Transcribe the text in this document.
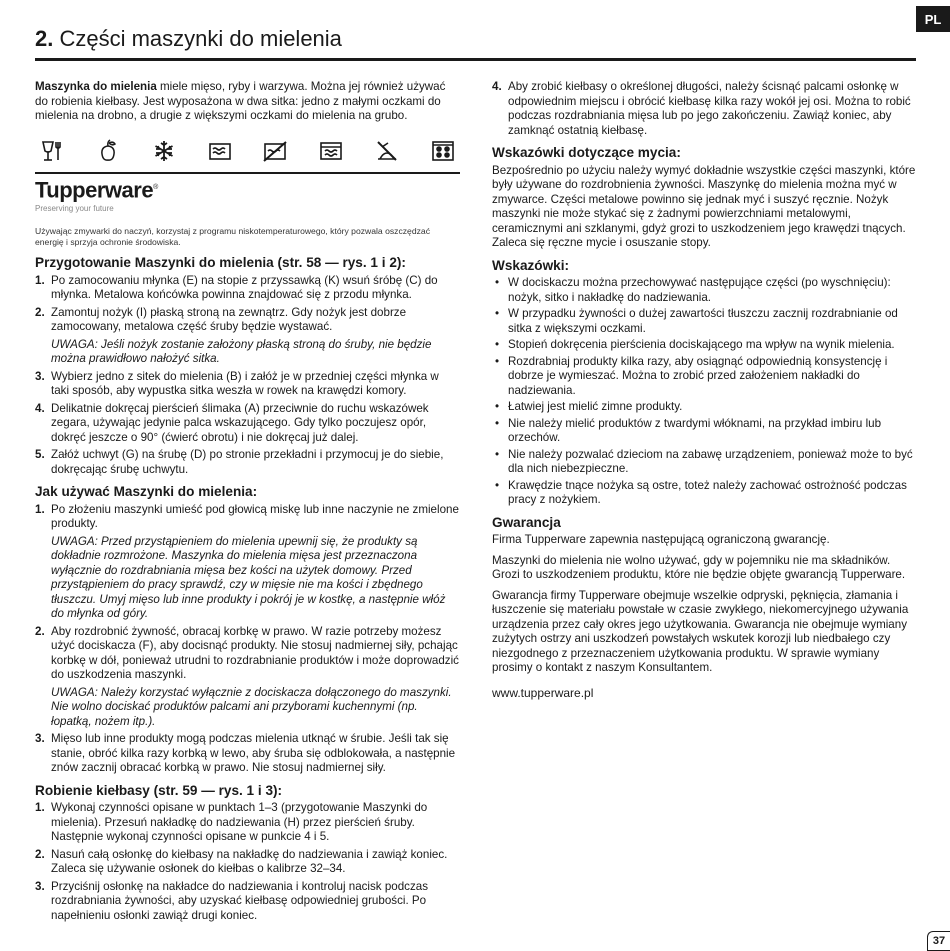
PL
2. Części maszynki do mielenia

Maszynka do mielenia miele mięso, ryby i warzywa. Można jej również używać do robienia kiełbasy. Jest wyposażona w dwa sitka: jedno z małymi oczkami do mielenia na drobno, a drugie z większymi oczkami do mielenia na grubo.

Tupperware®
Preserving your future
Używając zmywarki do naczyń, korzystaj z programu niskotemperaturowego, który pozwala oszczędzać energię i sprzyja ochronie środowiska.
Przygotowanie Maszynki do mielenia (str. 58 — rys. 1 i 2):
1. Po zamocowaniu młynka (E) na stopie z przyssawką (K) wsuń śróbę (C) do młynka. Metalowa końcówka powinna znajdować się z przodu młynka.
2. Zamontuj nożyk (I) płaską stroną na zewnątrz. Gdy nożyk jest dobrze zamocowany, metalowa część śruby będzie wystawać.
UWAGA: Jeśli nożyk zostanie założony płaską stroną do śruby, nie będzie można prawidłowo nałożyć sitka.
3. Wybierz jedno z sitek do mielenia (B) i załóż je w przedniej części młynka w taki sposób, aby wypustka sitka weszła w rowek na krawędzi komory.
4. Delikatnie dokręcaj pierścień ślimaka (A) przeciwnie do ruchu wskazówek zegara, używając jedynie palca wskazującego. Gdy tylko poczujesz opór, dokręć jeszcze o 90° (ćwierć obrotu) i nie dokręcaj już dalej.
5. Załóż uchwyt (G) na śrubę (D) po stronie przekładni i przymocuj je do siebie, dokręcając śrubę uchwytu.
Jak używać Maszynki do mielenia:
1. Po złożeniu maszynki umieść pod głowicą miskę lub inne naczynie ne zmielone produkty.
UWAGA: Przed przystąpieniem do mielenia upewnij się, że produkty są dokładnie rozmrożone. Maszynka do mielenia mięsa jest przeznaczona wyłącznie do rozdrabniania mięsa bez kości na użytek domowy. Przed przystąpieniem do pracy sprawdź, czy w mięsie nie ma kości i zbędnego tłuszczu. Umyj mięso lub inne produkty i pokrój je w kostkę, a następnie włóż do młynka od góry.
2. Aby rozdrobnić żywność, obracaj korbkę w prawo. W razie potrzeby możesz użyć dociskacza (F), aby docisnąć produkty. Nie stosuj nadmiernej siły, pchając korbkę w dół, ponieważ utrudni to rozdrabnianie produktów i może doprowadzić do uszkodzenia maszynki.
UWAGA: Należy korzystać wyłącznie z dociskacza dołączonego do maszynki. Nie wolno dociskać produktów palcami ani przyborami kuchennymi (np. łopatką, nożem itp.).
3. Mięso lub inne produkty mogą podczas mielenia utknąć w śrubie. Jeśli tak się stanie, obróć kilka razy korbką w lewo, aby śruba się odblokowała, a następnie znów zacznij obracać korbką w prawo. Nie stosuj nadmiernej siły.
Robienie kiełbasy (str. 59 — rys. 1 i 3):
1. Wykonaj czynności opisane w punktach 1–3 (przygotowanie Maszynki do mielenia). Przesuń nakładkę do nadziewania (H) przez pierścień śruby. Następnie wykonaj czynności opisane w punkcie 4 i 5.
2. Nasuń całą osłonkę do kiełbasy na nakładkę do nadziewania i zawiąż koniec. Zaleca się używanie osłonek do kiełbas o kalibrze 32–34.
3. Przyciśnij osłonkę na nakładce do nadziewania i kontroluj nacisk podczas rozdrabniania żywności, aby uzyskać kiełbasę odpowiedniej grubości. Po napełnieniu osłonki zawiąż drugi koniec.
4. Aby zrobić kiełbasy o określonej długości, należy ścisnąć palcami osłonkę w odpowiednim miejscu i obrócić kiełbasę kilka razy wokół jej osi. Można to robić podczas rozdrabniania mięsa lub po jego zakończeniu. Zawiąż koniec, aby zamknąć ostatnią kiełbasę.
Wskazówki dotyczące mycia:

Bezpośrednio po użyciu należy wymyć dokładnie wszystkie części maszynki, które były używane do rozdrobnienia żywności. Maszynkę do mielenia można myć w zmywarce. Części metalowe powinno się jednak myć i suszyć ręcznie. Nożyk maszynki nie może stykać się z żadnymi powierzchniami metalowymi, ceramicznymi ani szklanymi, gdyż grozi to uszkodzeniem jego krawędzi tnących. Zaleca się ręczne mycie i osuszanie stopy.

Wskazówki:
• W dociskaczu można przechowywać następujące części (po wyschnięciu): nożyk, sitko i nakładkę do nadziewania.
• W przypadku żywności o dużej zawartości tłuszczu zacznij rozdrabnianie od sitka z większymi oczkami.
• Stopień dokręcenia pierścienia dociskającego ma wpływ na wynik mielenia.
• Rozdrabniaj produkty kilka razy, aby osiągnąć odpowiednią konsystencję i dobrze je wymieszać. Można to zrobić przed założeniem nakładki do nadziewania.
• Łatwiej jest mielić zimne produkty.
• Nie należy mielić produktów z twardymi włóknami, na przykład imbiru lub orzechów.
• Nie należy pozwalać dzieciom na zabawę urządzeniem, ponieważ może to być dla nich niebezpieczne.
• Krawędzie tnące nożyka są ostre, toteż należy zachować ostrożność podczas pracy z nożykiem.
Gwarancja

Firma Tupperware zapewnia następującą ograniczoną gwarancję.

Maszynki do mielenia nie wolno używać, gdy w pojemniku nie ma składników. Grozi to uszkodzeniem produktu, które nie będzie objęte gwarancją Tupperware.

Gwarancja firmy Tupperware obejmuje wszelkie odpryski, pęknięcia, złamania i łuszczenie się materiału powstałe w czasie zwykłego, niekomercyjnego używania urządzenia przez cały okres jego użytkowania. Gwarancja nie obejmuje wymiany zużytych ostrzy ani uszkodzeń powstałych wskutek korozji lub niedbałego czy niezgodnego z przeznaczeniem użytkowania produktu. W sprawie wymiany prosimy o kontakt z naszym Konsultantem.

www.tupperware.pl
37
